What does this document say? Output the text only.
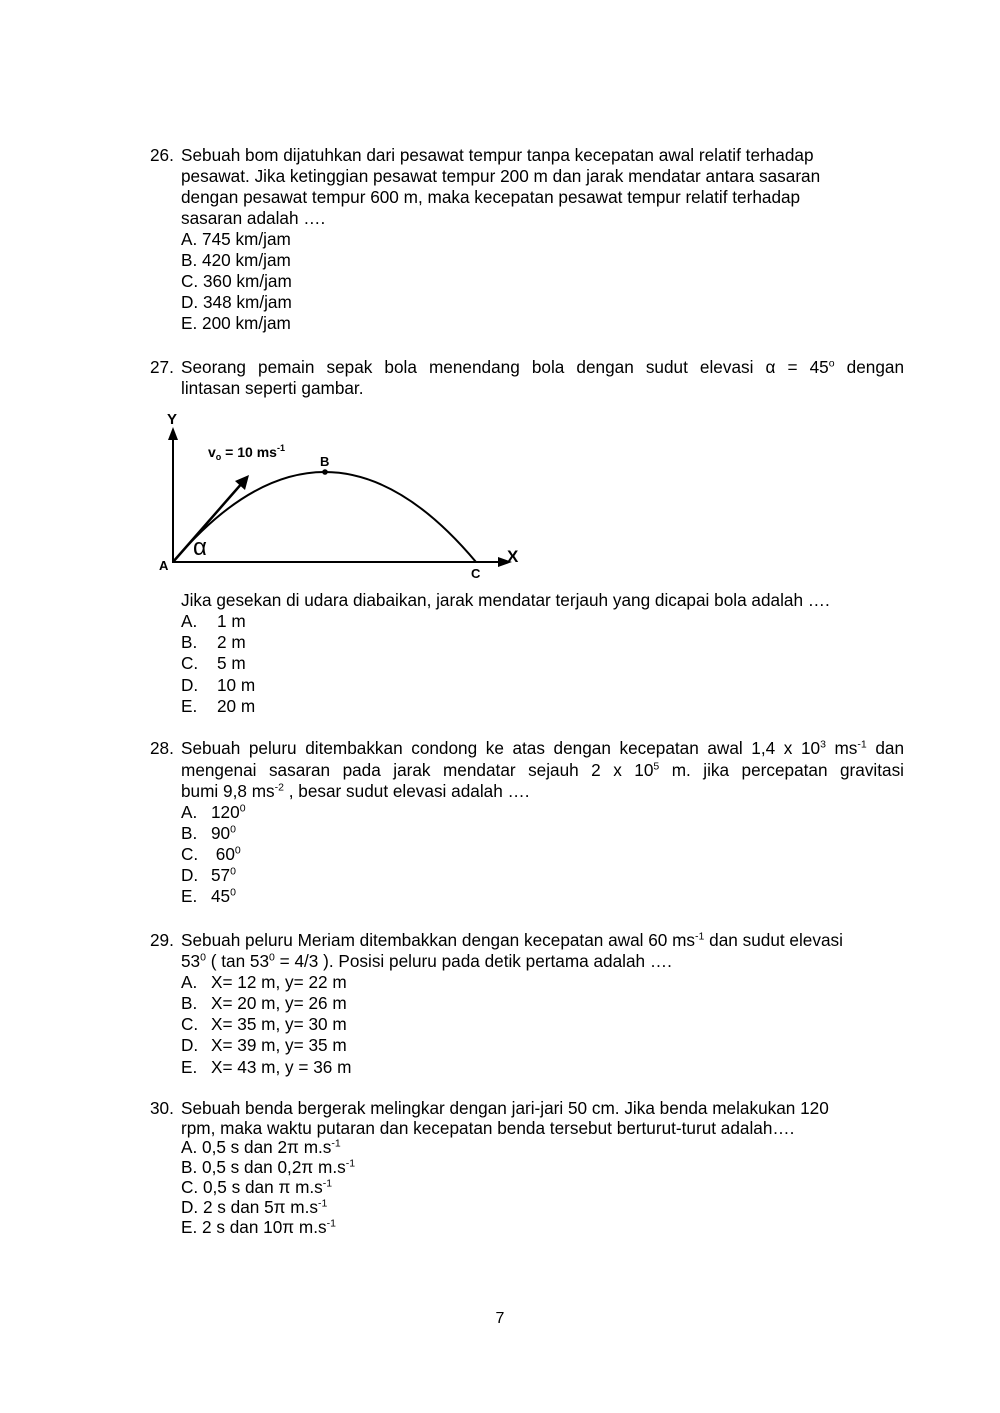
26. Sebuah bom dijatuhkan dari pesawat tempur tanpa kecepatan awal relatif terhadap
pesawat. Jika ketinggian pesawat tempur 200 m dan jarak mendatar antara sasaran
dengan pesawat tempur 600 m, maka kecepatan pesawat tempur relatif terhadap
sasaran adalah ….
A. 745 km/jam
B. 420 km/jam
C. 360 km/jam
D. 348 km/jam
E. 200 km/jam
27. Seorang pemain sepak bola menendang bola dengan sudut elevasi $\alpha = 45^o$ dengan
lintasan seperti gambar.
Y
X
$v_o = 10$ $ms^{-1}$
B
A
C
α
Jika gesekan di udara diabaikan, jarak mendatar terjauh yang dicapai bola adalah ….
A. 1 m
B. 2 m
C. 5 m
D. 10 m
E. 20 m
28. Sebuah peluru ditembakkan condong ke atas dengan kecepatan awal 1,4 x $10^3$ $ms^{-1}$ dan
mengenai sasaran pada jarak mendatar sejauh 2 x $10^5$ m. jika percepatan gravitasi
bumi 9,8 $ms^{-2}$ , besar sudut elevasi adalah ….
A. $120^0$
B. $90^0$
C. $60^0$
D. $57^0$
E. $45^0$
29. Sebuah peluru Meriam ditembakkan dengan kecepatan awal 60 $ms^{-1}$ dan sudut elevasi
$53^0$ ( $\tan 53^0 = 4/3$ ). Posisi peluru pada detik pertama adalah ….
A. X= 12 m, y= 22 m
B. X= 20 m, y= 26 m
C. X= 35 m, y= 30 m
D. X= 39 m, y= 35 m
E. X= 43 m, y = 36 m
30. Sebuah benda bergerak melingkar dengan jari-jari 50 cm. Jika benda melakukan 120
rpm, maka waktu putaran dan kecepatan benda tersebut berturut-turut adalah….
A. 0,5 s dan 2π $m.s^{-1}$
B. 0,5 s dan 0,2π $m.s^{-1}$
C. 0,5 s dan π $m.s^{-1}$
D. 2 s dan 5π $m.s^{-1}$
E. 2 s dan 10π $m.s^{-1}$
7
